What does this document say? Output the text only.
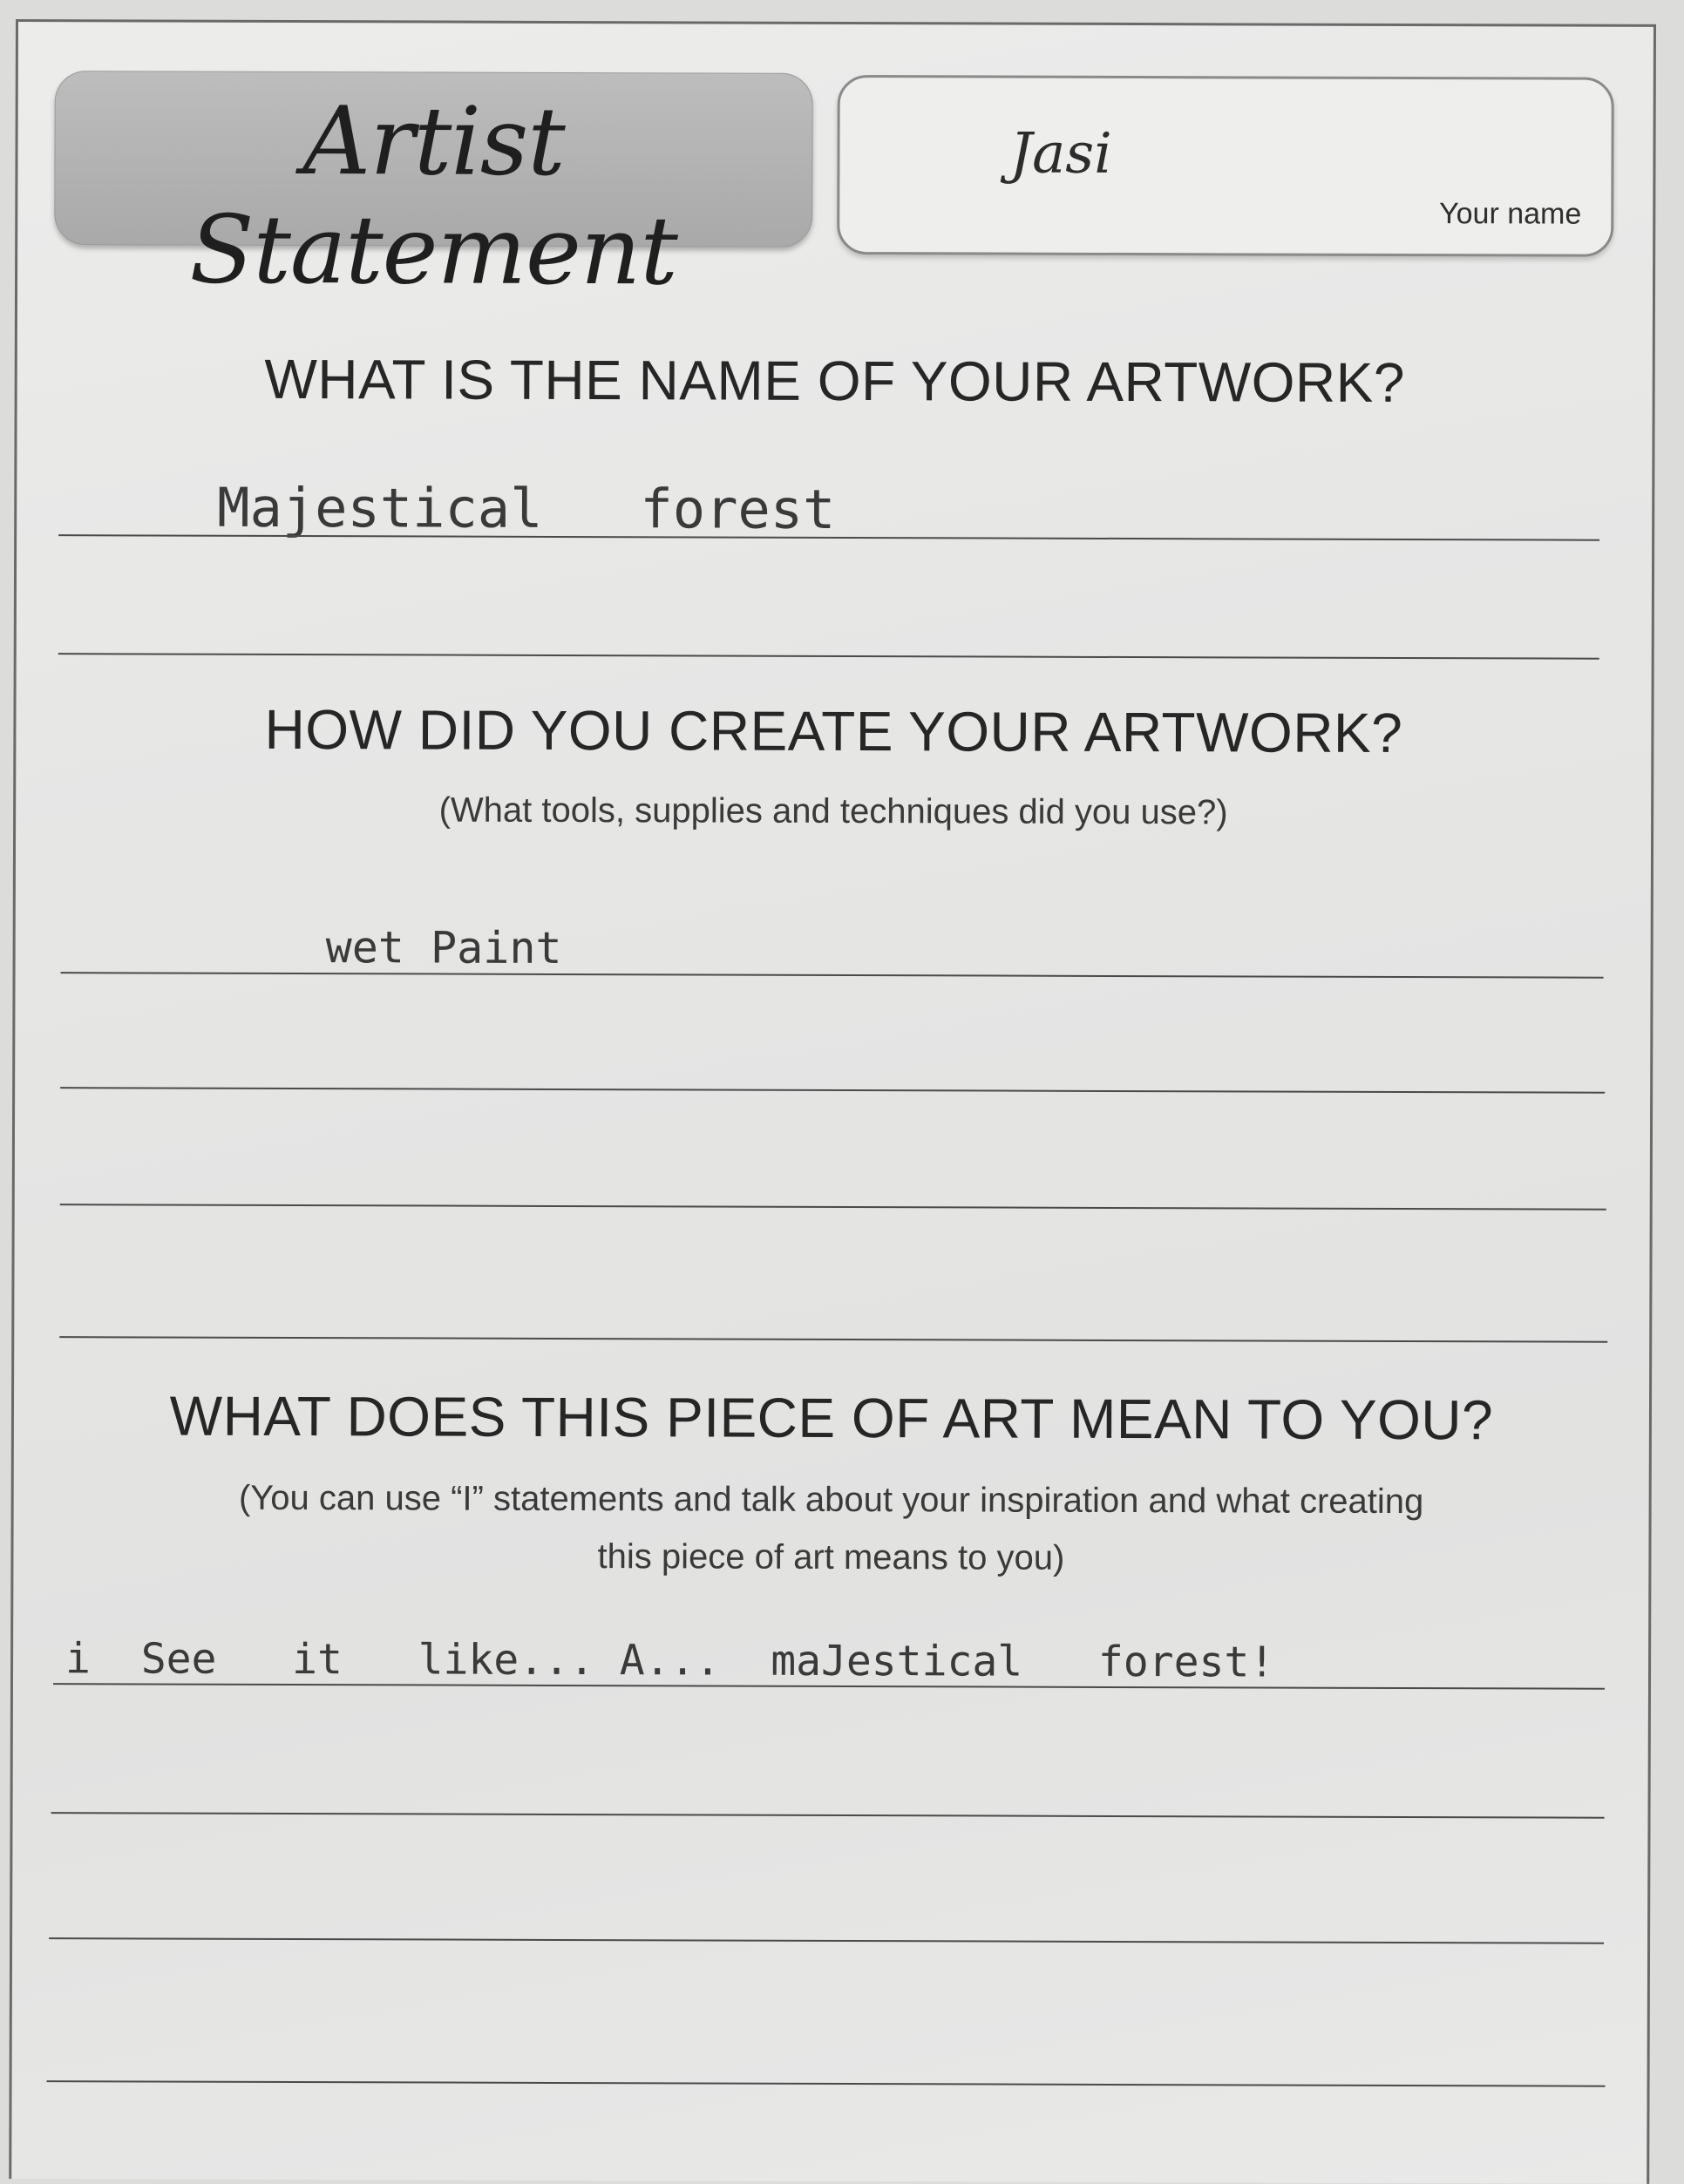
Artist Statement
Jasi
Your name
WHAT IS THE NAME OF YOUR ARTWORK?
Majestical   forest
HOW DID YOU CREATE YOUR ARTWORK?
(What tools, supplies and techniques did you use?)
wet Paint
WHAT DOES THIS PIECE OF ART MEAN TO YOU?
(You can use “I” statements and talk about your inspiration and what creating
this piece of art means to you)
i  See   it   like... A...  maJestical   forest!
